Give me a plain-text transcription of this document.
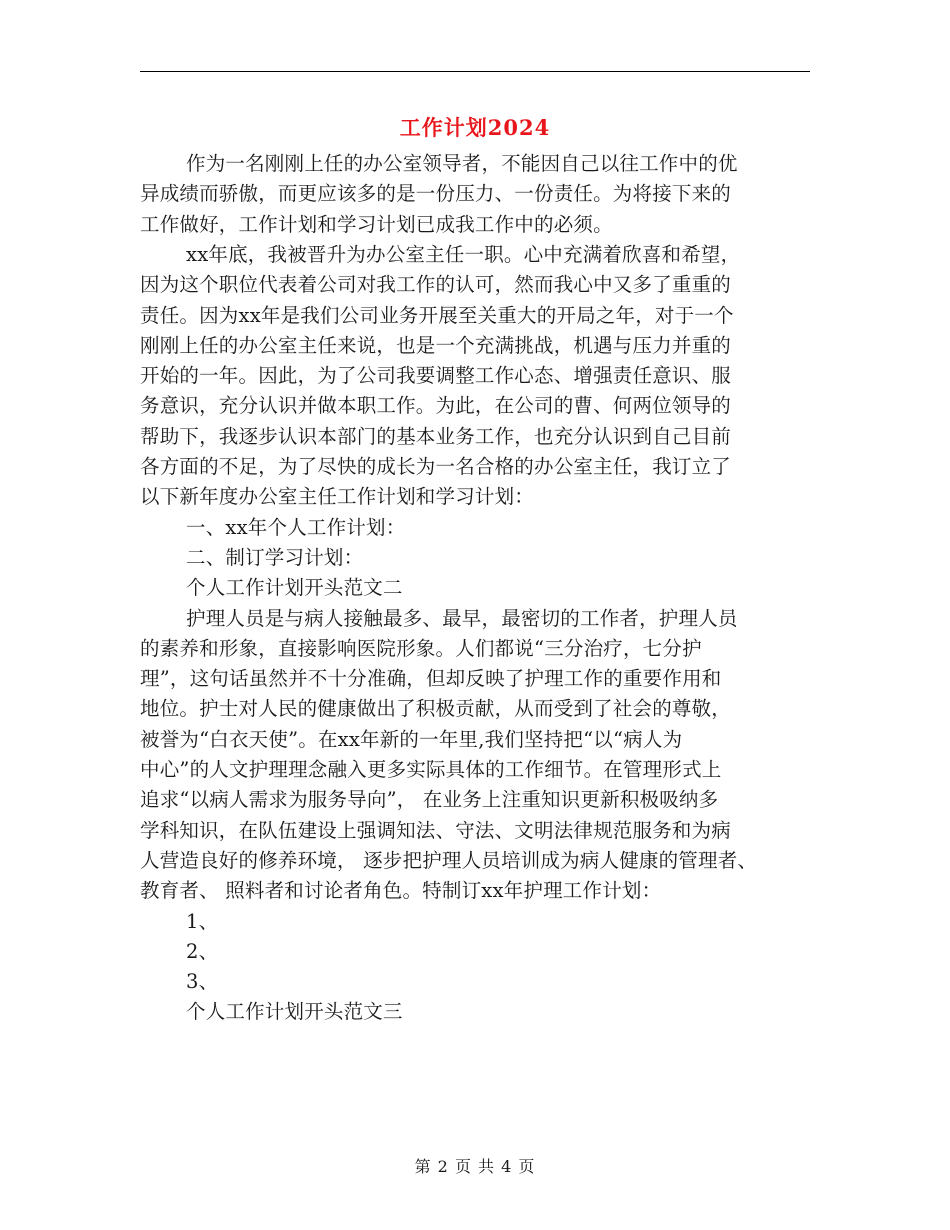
工作计划2024
作为一名刚刚上任的办公室领导者，不能因自己以往工作中的优
异成绩而骄傲，而更应该多的是一份压力、一份责任。为将接下来的
工作做好，工作计划和学习计划已成我工作中的必须。
xx年底，我被晋升为办公室主任一职。心中充满着欣喜和希望，
因为这个职位代表着公司对我工作的认可，然而我心中又多了重重的
责任。因为xx年是我们公司业务开展至关重大的开局之年，对于一个
刚刚上任的办公室主任来说，也是一个充满挑战，机遇与压力并重的
开始的一年。因此，为了公司我要调整工作心态、增强责任意识、服
务意识，充分认识并做本职工作。为此，在公司的曹、何两位领导的
帮助下，我逐步认识本部门的基本业务工作，也充分认识到自己目前
各方面的不足，为了尽快的成长为一名合格的办公室主任，我订立了
以下新年度办公室主任工作计划和学习计划：
一、xx年个人工作计划：
二、制订学习计划：
个人工作计划开头范文二
护理人员是与病人接触最多、最早，最密切的工作者，护理人员
的素养和形象，直接影响医院形象。人们都说“三分治疗，七分护
理”，这句话虽然并不十分准确，但却反映了护理工作的重要作用和
地位。护士对人民的健康做出了积极贡献，从而受到了社会的尊敬，
被誉为“白衣天使”。在xx年新的一年里,我们坚持把“以“病人为
中心”的人文护理理念融入更多实际具体的工作细节。在管理形式上
追求“以病人需求为服务导向”， 在业务上注重知识更新积极吸纳多
学科知识，在队伍建设上强调知法、守法、文明法律规范服务和为病
人营造良好的修养环境， 逐步把护理人员培训成为病人健康的管理者、
教育者、 照料者和讨论者角色。特制订xx年护理工作计划：
1、
2、
3、
个人工作计划开头范文三
第 2 页 共 4 页
